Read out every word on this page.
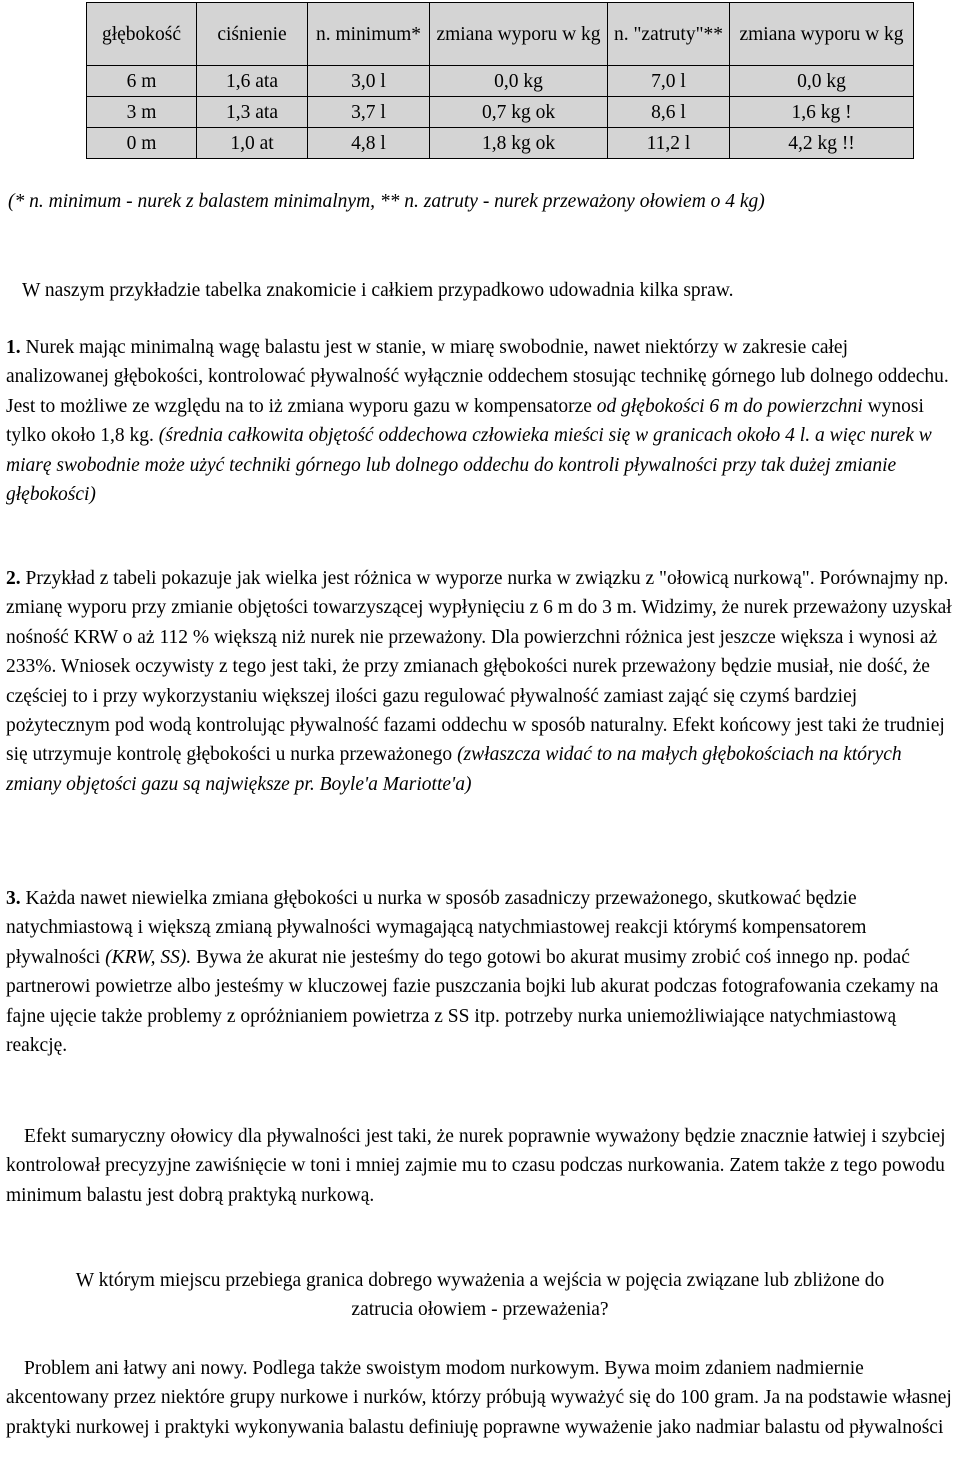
głębokość	ciśnienie	n. minimum*	zmiana wyporu w kg	n. "zatruty"**	zmiana wyporu w kg
6 m	1,6 ata	3,0 l	0,0 kg	7,0 l	0,0 kg
3 m	1,3 ata	3,7 l	0,7 kg ok	8,6 l	1,6 kg !
0 m	1,0 at	4,8 l	1,8 kg ok	11,2 l	4,2 kg !!
(* n. minimum - nurek z balastem minimalnym, ** n. zatruty - nurek przeważony ołowiem o 4 kg)
W naszym przykładzie tabelka znakomicie i całkiem przypadkowo udowadnia kilka spraw.
1. Nurek mając minimalną wagę balastu jest w stanie, w miarę swobodnie, nawet niektórzy w zakresie całej analizowanej głębokości, kontrolować pływalność wyłącznie oddechem stosując technikę górnego lub dolnego oddechu. Jest to możliwe ze względu na to iż zmiana wyporu gazu w kompensatorze od głębokości 6 m do powierzchni wynosi tylko około 1,8 kg. (średnia całkowita objętość oddechowa człowieka mieści się w granicach około 4 l. a więc nurek w miarę swobodnie może użyć techniki górnego lub dolnego oddechu do kontroli pływalności przy tak dużej zmianie głębokości)
2. Przykład z tabeli pokazuje jak wielka jest różnica w wyporze nurka w związku z "ołowicą nurkową". Porównajmy np. zmianę wyporu przy zmianie objętości towarzyszącej wypłynięciu z 6 m do 3 m. Widzimy, że nurek przeważony uzyskał nośność KRW o aż 112 % większą niż nurek nie przeważony. Dla powierzchni różnica jest jeszcze większa i wynosi aż 233%. Wniosek oczywisty z tego jest taki, że przy zmianach głębokości nurek przeważony będzie musiał, nie dość, że częściej to i przy wykorzystaniu większej ilości gazu regulować pływalność zamiast zająć się czymś bardziej pożytecznym pod wodą kontrolując pływalność fazami oddechu w sposób naturalny. Efekt końcowy jest taki że trudniej się utrzymuje kontrolę głębokości u nurka przeważonego (zwłaszcza widać to na małych głębokościach na których zmiany objętości gazu są największe pr. Boyle'a Mariotte'a)
3. Każda nawet niewielka zmiana głębokości u nurka w sposób zasadniczy przeważonego, skutkować będzie natychmiastową i większą zmianą pływalności wymagającą natychmiastowej reakcji którymś kompensatorem pływalności (KRW, SS). Bywa że akurat nie jesteśmy do tego gotowi bo akurat musimy zrobić coś innego np. podać partnerowi powietrze albo jesteśmy w kluczowej fazie puszczania bojki lub akurat podczas fotografowania czekamy na fajne ujęcie także problemy z opróżnianiem powietrza z SS itp. potrzeby nurka uniemożliwiające natychmiastową reakcję.
Efekt sumaryczny ołowicy dla pływalności jest taki, że nurek poprawnie wyważony będzie znacznie łatwiej i szybciej kontrolował precyzyjne zawiśnięcie w toni i mniej zajmie mu to czasu podczas nurkowania. Zatem także z tego powodu minimum balastu jest dobrą praktyką nurkową.
W którym miejscu przebiega granica dobrego wyważenia a wejścia w pojęcia związane lub zbliżone do zatrucia ołowiem - przeważenia?
Problem ani łatwy ani nowy. Podlega także swoistym modom nurkowym. Bywa moim zdaniem nadmiernie akcentowany przez niektóre grupy nurkowe i nurków, którzy próbują wyważyć się do 100 gram. Ja na podstawie własnej praktyki nurkowej i praktyki wykonywania balastu definiuję poprawne wyważenie jako nadmiar balastu od pływalności
